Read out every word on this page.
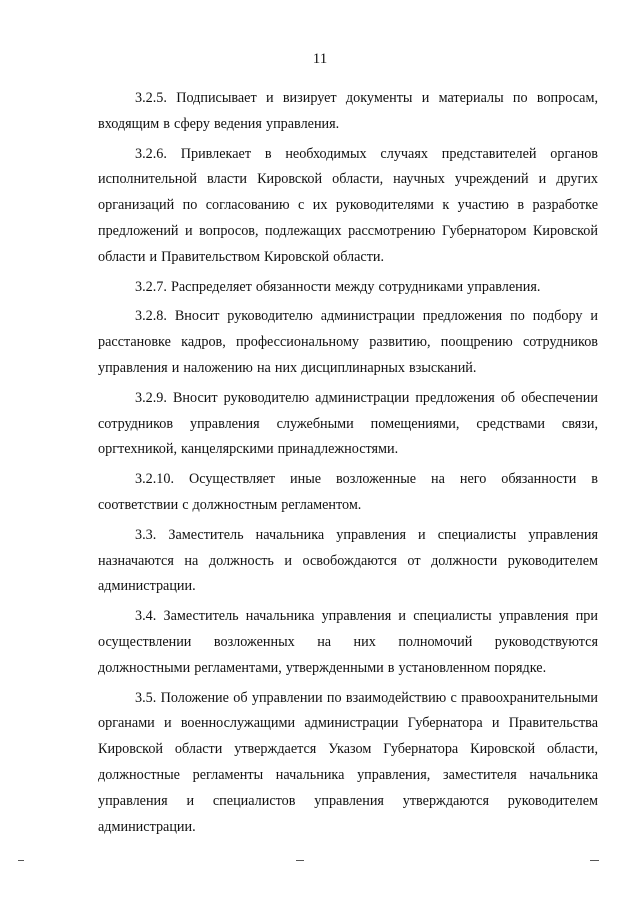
11

3.2.5. Подписывает и визирует документы и материалы по вопросам, входящим в сферу ведения управления.

3.2.6. Привлекает в необходимых случаях представителей органов исполнительной власти Кировской области, научных учреждений и других организаций по согласованию с их руководителями к участию в разработке предложений и вопросов, подлежащих рассмотрению Губернатором Кировской области и Правительством Кировской области.

3.2.7. Распределяет обязанности между сотрудниками управления.

3.2.8. Вносит руководителю администрации предложения по подбору и расстановке кадров, профессиональному развитию, поощрению сотрудников управления и наложению на них дисциплинарных взысканий.

3.2.9. Вносит руководителю администрации предложения об обеспечении сотрудников управления служебными помещениями, средствами связи, оргтехникой, канцелярскими принадлежностями.

3.2.10. Осуществляет иные возложенные на него обязанности в соответствии с должностным регламентом.

3.3. Заместитель начальника управления и специалисты управления назначаются на должность и освобождаются от должности руководителем администрации.

3.4. Заместитель начальника управления и специалисты управления при осуществлении возложенных на них полномочий руководствуются должностными регламентами, утвержденными в установленном порядке.

3.5. Положение об управлении по взаимодействию с правоохранительными органами и военнослужащими администрации Губернатора и Правительства Кировской области утверждается Указом Губернатора Кировской области, должностные регламенты начальника управления, заместителя начальника управления и специалистов управления утверждаются руководителем администрации.
